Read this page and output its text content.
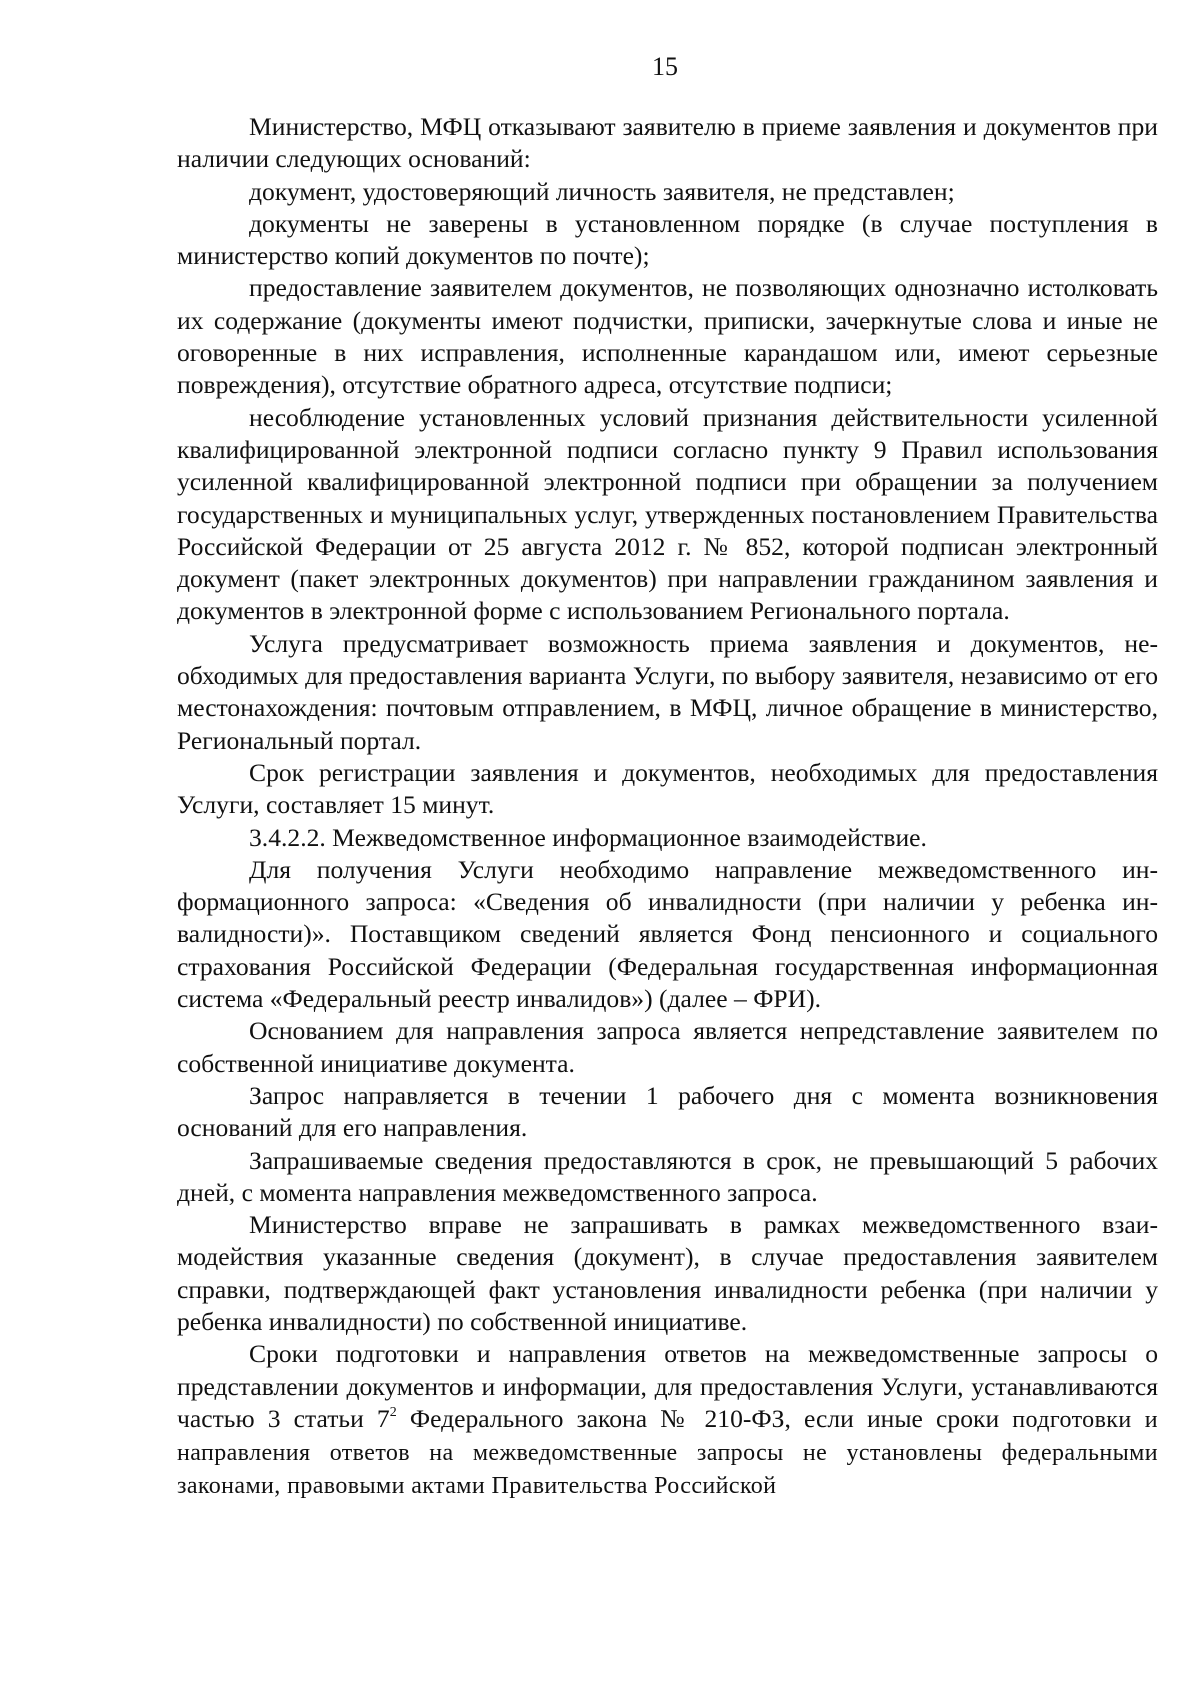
15

Министерство, МФЦ отказывают заявителю в приеме заявления и документов при наличии следующих оснований:

документ, удостоверяющий личность заявителя, не представлен;

документы не заверены в установленном порядке (в случае поступления в министерство копий документов по почте);

предоставление заявителем документов, не позволяющих однозначно истолковать их содержание (документы имеют подчистки, приписки, зачеркнутые слова и иные не оговоренные в них исправления, исполненные карандашом или, имеют серьезные повреждения), отсутствие обратного адреса, отсутствие подписи;

несоблюдение установленных условий признания действительности усиленной квалифицированной электронной подписи согласно пункту 9 Правил использования усиленной квалифицированной электронной подписи при обращении за получением государственных и муниципальных услуг, утвержденных постановлением Правительства Российской Федерации от 25 августа 2012 г. № 852, которой подписан электронный документ (пакет электронных документов) при направлении гражданином заявления и документов в электронной форме с использованием Регионального портала.

Услуга предусматривает возможность приема заявления и документов, необходимых для предоставления варианта Услуги, по выбору заявителя, независимо от его местонахождения: почтовым отправлением, в МФЦ, личное обращение в министерство, Региональный портал.

Срок регистрации заявления и документов, необходимых для предоставления Услуги, составляет 15 минут.

3.4.2.2. Межведомственное информационное взаимодействие.

Для получения Услуги необходимо направление межведомственного информационного запроса: «Сведения об инвалидности (при наличии у ребенка инвалидности)». Поставщиком сведений является Фонд пенсионного и социального страхования Российской Федерации (Федеральная государственная информационная система «Федеральный реестр инвалидов») (далее – ФРИ).

Основанием для направления запроса является непредставление заявителем по собственной инициативе документа.

Запрос направляется в течении 1 рабочего дня с момента возникновения оснований для его направления.

Запрашиваемые сведения предоставляются в срок, не превышающий 5 рабочих дней, с момента направления межведомственного запроса.

Министерство вправе не запрашивать в рамках межведомственного взаимодействия указанные сведения (документ), в случае предоставления заявителем справки, подтверждающей факт установления инвалидности ребенка (при наличии у ребенка инвалидности) по собственной инициативе.

Сроки подготовки и направления ответов на межведомственные запросы о представлении документов и информации, для предоставления Услуги, устанавливаются частью 3 статьи $7^2$ Федерального закона № 210-ФЗ, если иные сроки подготовки и направления ответов на межведомственные запросы не установлены федеральными законами, правовыми актами Правительства Российской
